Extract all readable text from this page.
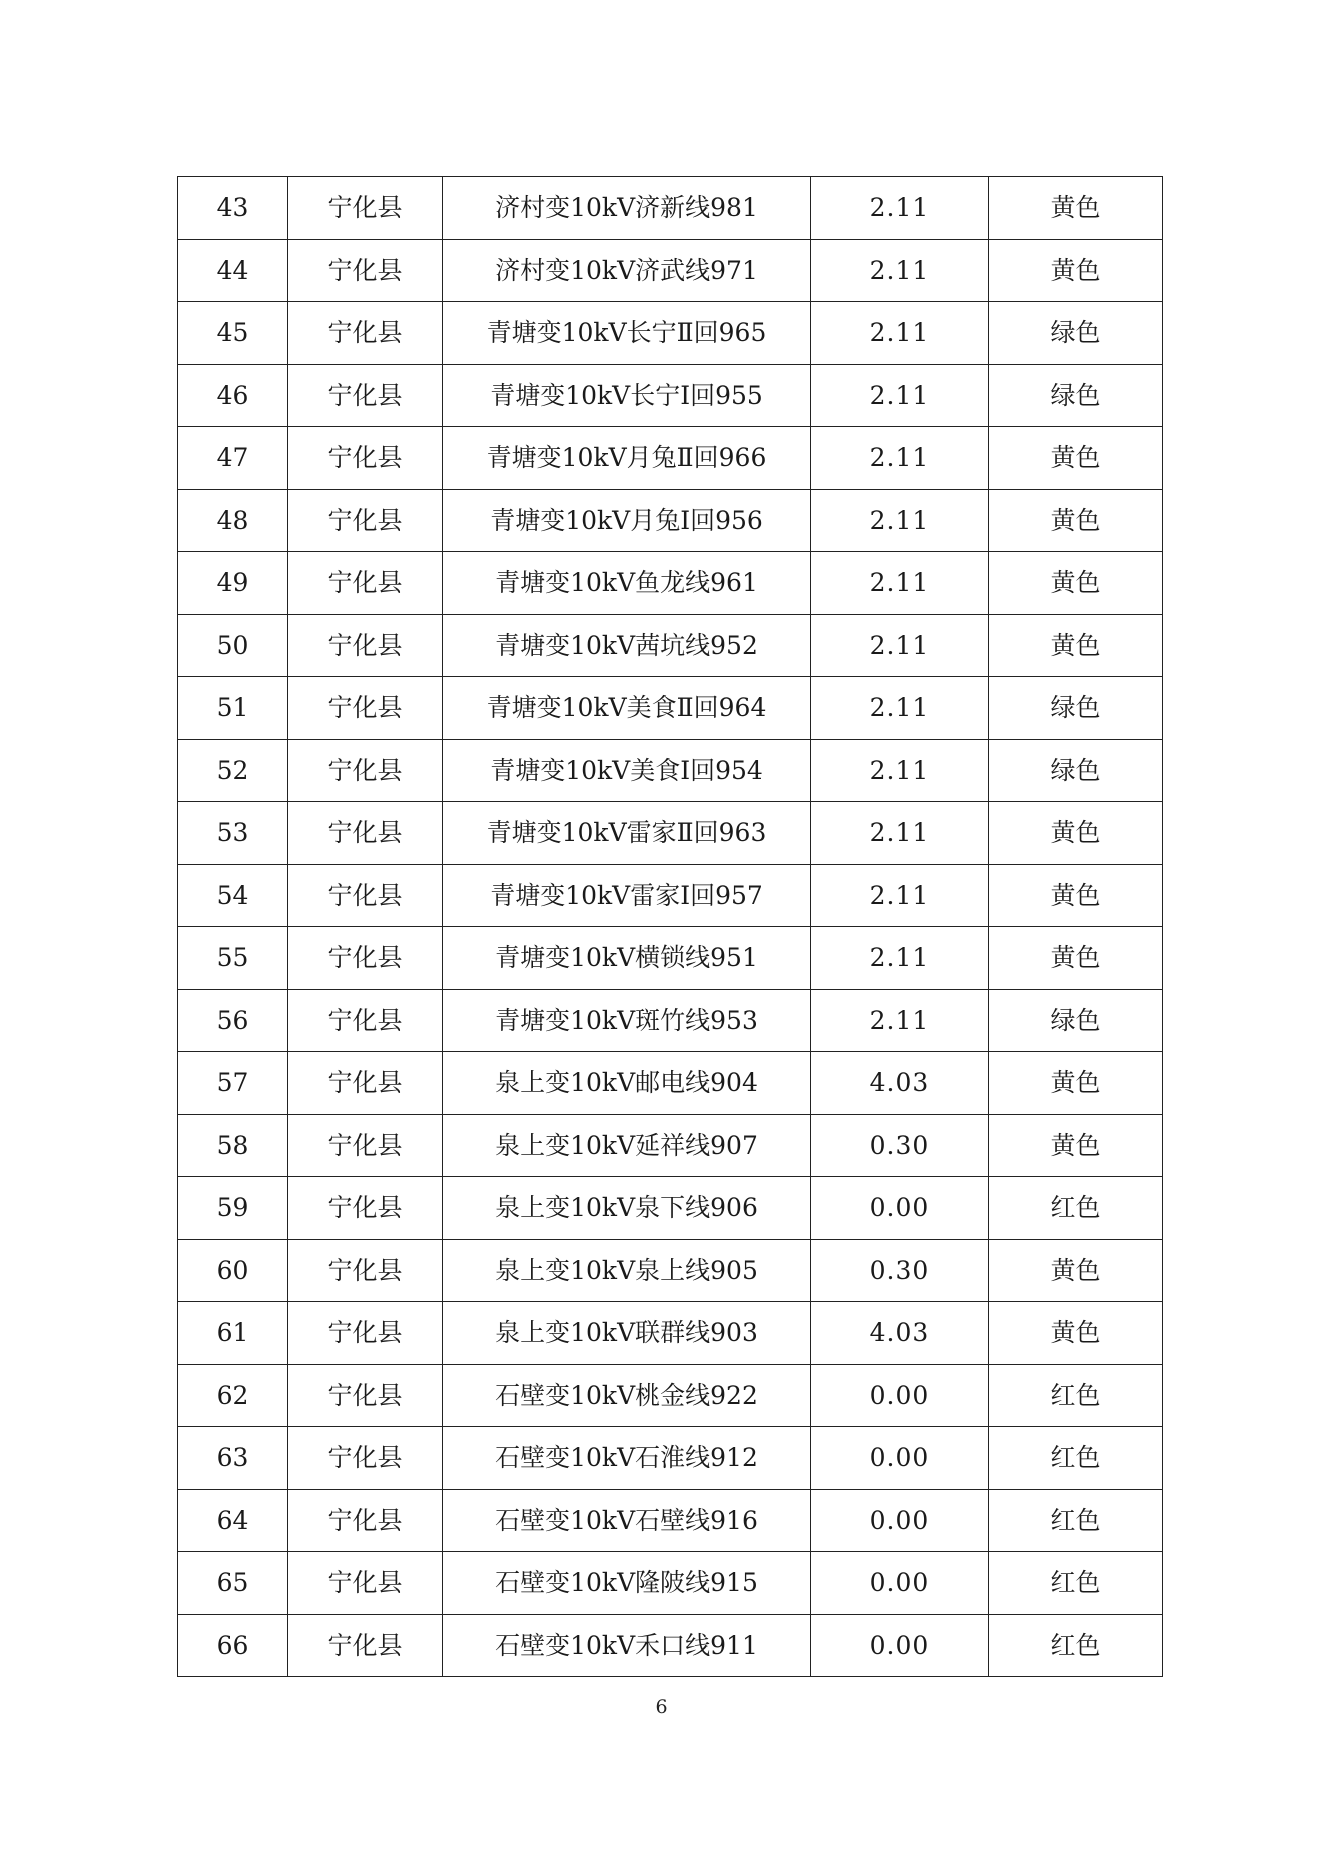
43	宁化县	济村变10kV济新线981	2.11	黄色
44	宁化县	济村变10kV济武线971	2.11	黄色
45	宁化县	青塘变10kV长宁Ⅱ回965	2.11	绿色
46	宁化县	青塘变10kV长宁Ⅰ回955	2.11	绿色
47	宁化县	青塘变10kV月兔Ⅱ回966	2.11	黄色
48	宁化县	青塘变10kV月兔Ⅰ回956	2.11	黄色
49	宁化县	青塘变10kV鱼龙线961	2.11	黄色
50	宁化县	青塘变10kV茜坑线952	2.11	黄色
51	宁化县	青塘变10kV美食Ⅱ回964	2.11	绿色
52	宁化县	青塘变10kV美食Ⅰ回954	2.11	绿色
53	宁化县	青塘变10kV雷家Ⅱ回963	2.11	黄色
54	宁化县	青塘变10kV雷家Ⅰ回957	2.11	黄色
55	宁化县	青塘变10kV横锁线951	2.11	黄色
56	宁化县	青塘变10kV斑竹线953	2.11	绿色
57	宁化县	泉上变10kV邮电线904	4.03	黄色
58	宁化县	泉上变10kV延祥线907	0.30	黄色
59	宁化县	泉上变10kV泉下线906	0.00	红色
60	宁化县	泉上变10kV泉上线905	0.30	黄色
61	宁化县	泉上变10kV联群线903	4.03	黄色
62	宁化县	石壁变10kV桃金线922	0.00	红色
63	宁化县	石壁变10kV石淮线912	0.00	红色
64	宁化县	石壁变10kV石壁线916	0.00	红色
65	宁化县	石壁变10kV隆陂线915	0.00	红色
66	宁化县	石壁变10kV禾口线911	0.00	红色
6
